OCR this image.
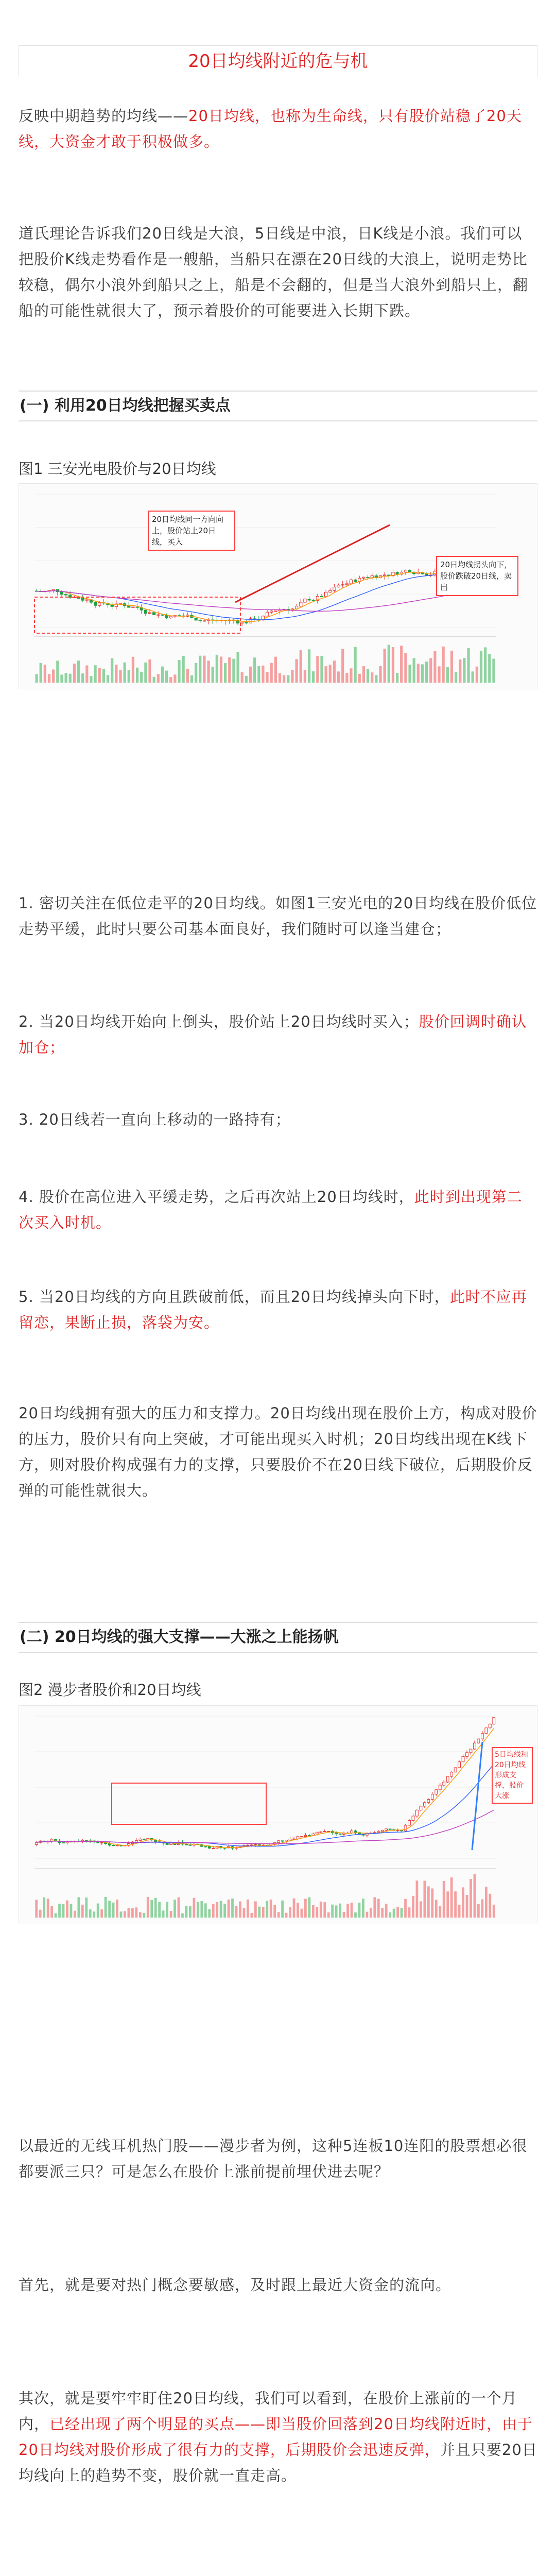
20日均线附近的危与机

反映中期趋势的均线——20日均线，也称为生命线，只有股价站稳了20天线，大资金才敢于积极做多。

道氏理论告诉我们20日线是大浪，5日线是中浪，日K线是小浪。我们可以把股价K线走势看作是一艘船，当船只在漂在20日线的大浪上，说明走势比较稳，偶尔小浪外到船只之上，船是不会翻的，但是当大浪外到船只上，翻船的可能性就很大了，预示着股价的可能要进入长期下跌。

(一) 利用20日均线把握买卖点

图1 三安光电股价与20日均线

20日均线同一方向向上，股价站上20日线，买入
20日均线拐头向下，股价跌破20日线，卖出

1. 密切关注在低位走平的20日均线。如图1三安光电的20日均线在股价低位走势平缓，此时只要公司基本面良好，我们随时可以逢当建仓；

2. 当20日均线开始向上倒头，股价站上20日均线时买入；股价回调时确认加仓；

3. 20日线若一直向上移动的一路持有；

4. 股价在高位进入平缓走势，之后再次站上20日均线时，此时到出现第二次买入时机。

5. 当20日均线的方向且跌破前低，而且20日均线掉头向下时，此时不应再留恋，果断止损，落袋为安。

20日均线拥有强大的压力和支撑力。20日均线出现在股价上方，构成对股价的压力，股价只有向上突破，才可能出现买入时机；20日均线出现在K线下方，则对股价构成强有力的支撑，只要股价不在20日线下破位，后期股价反弹的可能性就很大。

(二) 20日均线的强大支撑——大涨之上能扬帆

图2 漫步者股价和20日均线

5日均线和20日均线形成支撑，股价大涨

以最近的无线耳机热门股——漫步者为例，这种5连板10连阳的股票想必很都要派三只？可是怎么在股价上涨前提前埋伏进去呢？

首先，就是要对热门概念要敏感，及时跟上最近大资金的流向。

其次，就是要牢牢盯住20日均线，我们可以看到，在股价上涨前的一个月内，已经出现了两个明显的买点——即当股价回落到20日均线附近时，由于20日均线对股价形成了很有力的支撑，后期股价会迅速反弹，并且只要20日均线向上的趋势不变，股价就一直走高。
